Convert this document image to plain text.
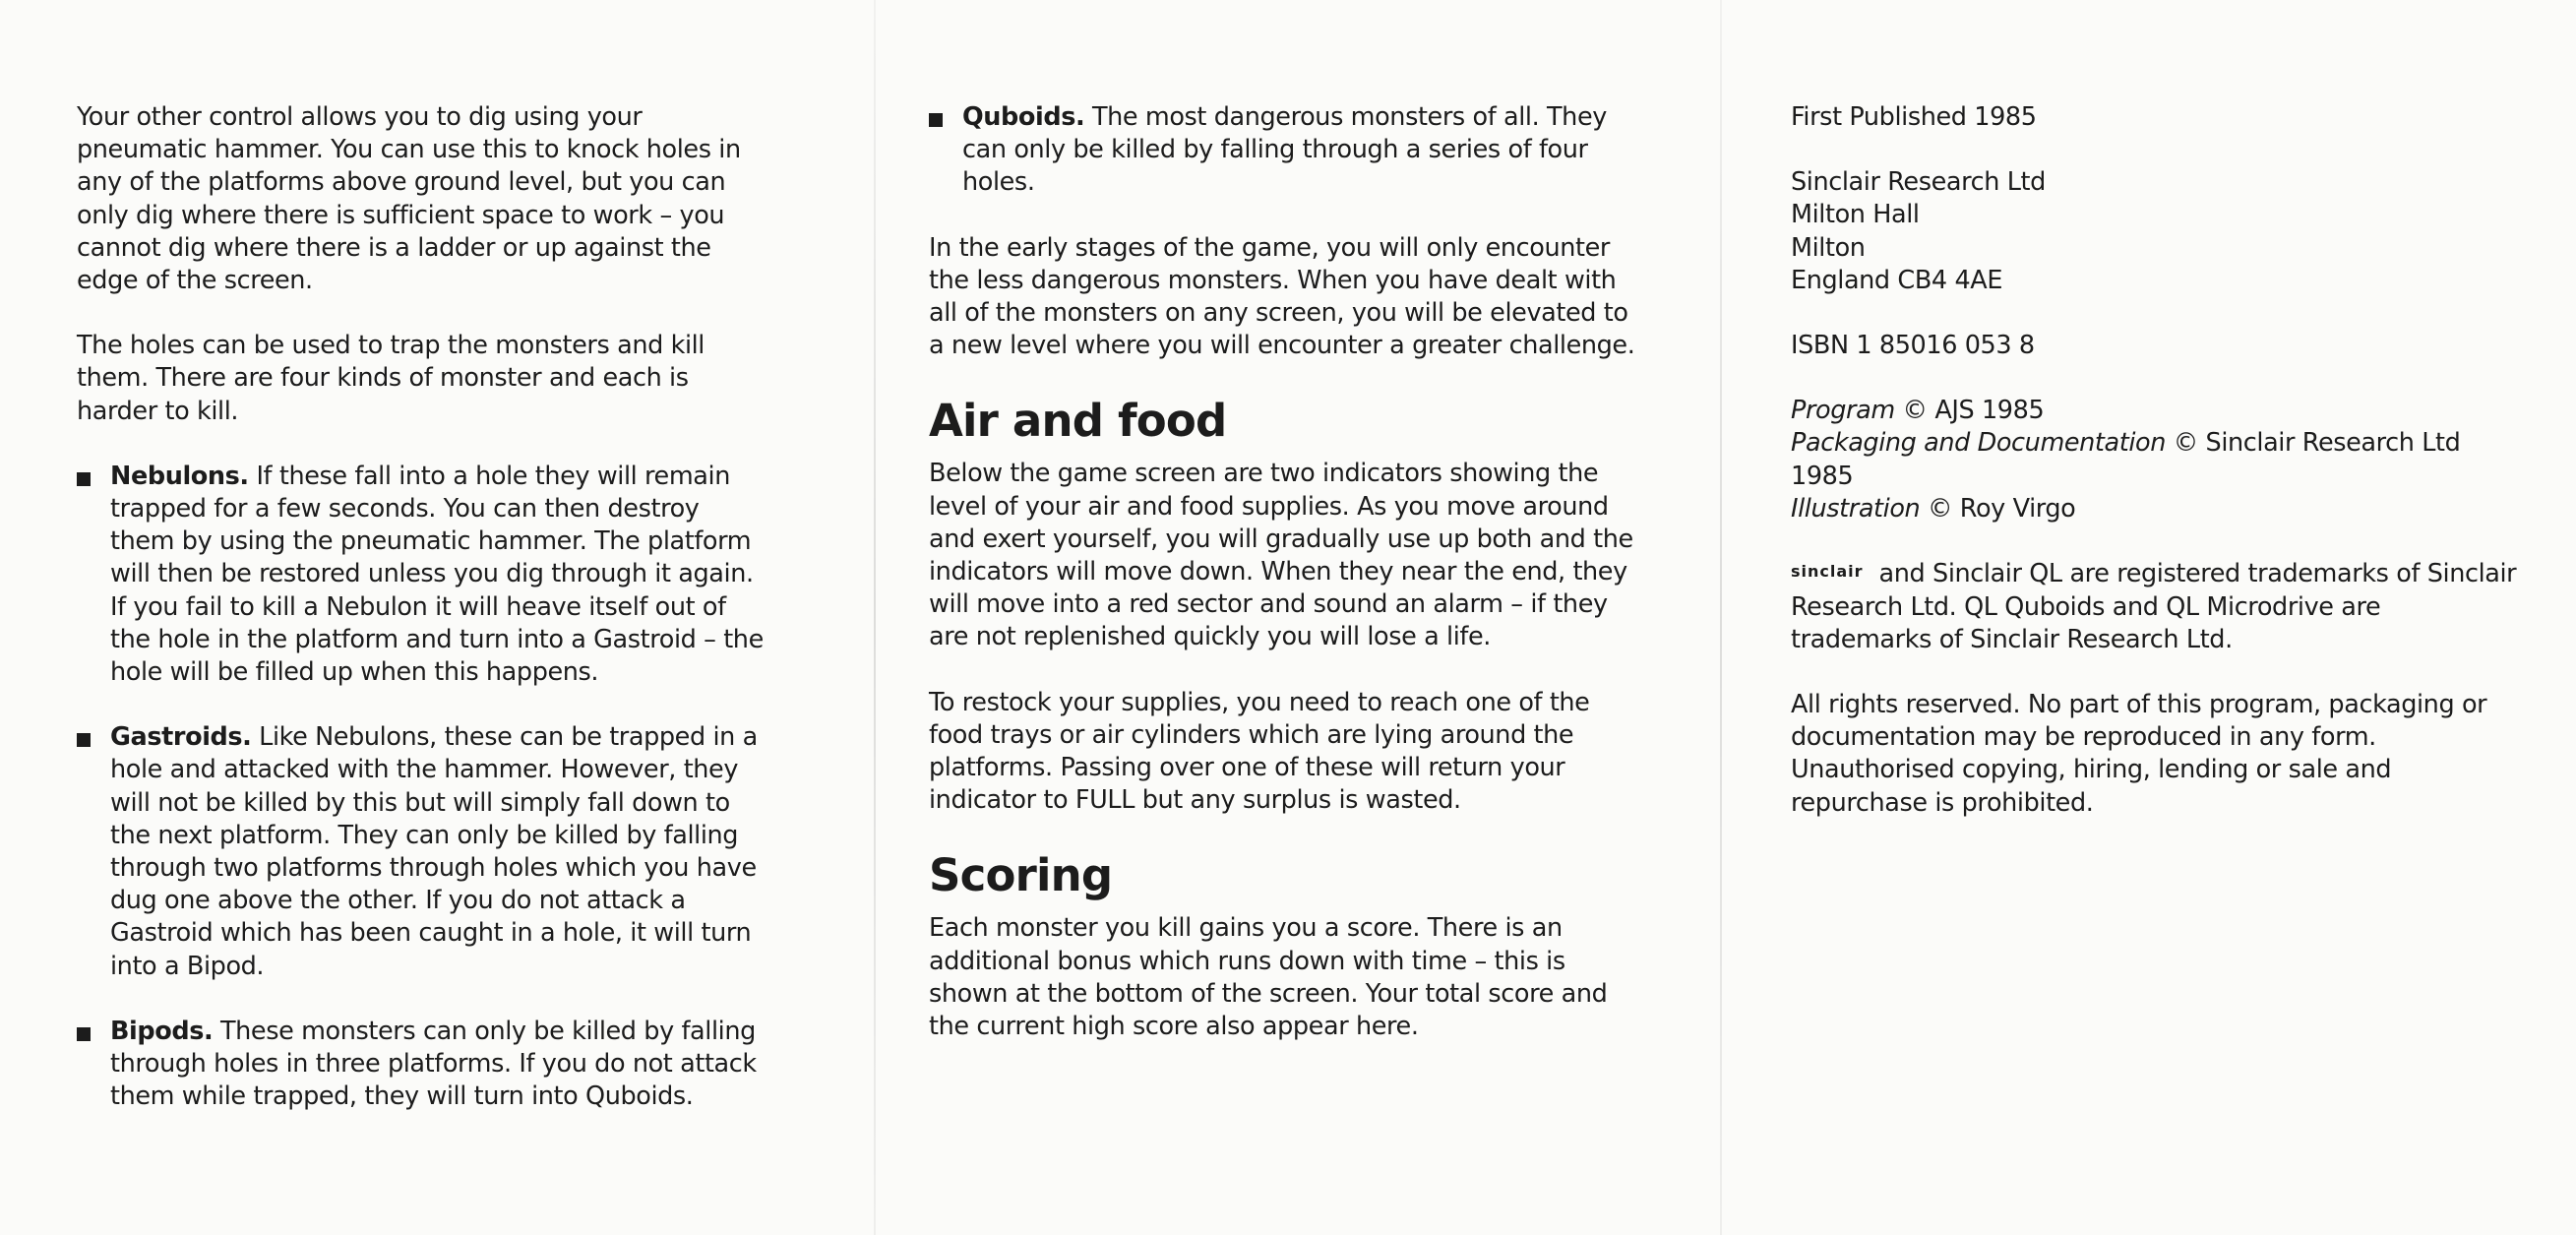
Your other control allows you to dig using your pneumatic hammer. You can use this to knock holes in any of the platforms above ground level, but you can only dig where there is sufficient space to work – you cannot dig where there is a ladder or up against the edge of the screen.

The holes can be used to trap the monsters and kill them. There are four kinds of monster and each is harder to kill.

Nebulons. If these fall into a hole they will remain trapped for a few seconds. You can then destroy them by using the pneumatic hammer. The platform will then be restored unless you dig through it again. If you fail to kill a Nebulon it will heave itself out of the hole in the platform and turn into a Gastroid – the hole will be filled up when this happens.
Gastroids. Like Nebulons, these can be trapped in a hole and attacked with the hammer. However, they will not be killed by this but will simply fall down to the next platform. They can only be killed by falling through two platforms through holes which you have dug one above the other. If you do not attack a Gastroid which has been caught in a hole, it will turn into a Bipod.
Bipods. These monsters can only be killed by falling through holes in three platforms. If you do not attack them while trapped, they will turn into Quboids.
Quboids. The most dangerous monsters of all. They can only be killed by falling through a series of four holes.

In the early stages of the game, you will only encounter the less dangerous monsters. When you have dealt with all of the monsters on any screen, you will be elevated to a new level where you will encounter a greater challenge.

Air and food

Below the game screen are two indicators showing the level of your air and food supplies. As you move around and exert yourself, you will gradually use up both and the indicators will move down. When they near the end, they will move into a red sector and sound an alarm – if they are not replenished quickly you will lose a life.

To restock your supplies, you need to reach one of the food trays or air cylinders which are lying around the platforms. Passing over one of these will return your indicator to FULL but any surplus is wasted.

Scoring

Each monster you kill gains you a score. There is an additional bonus which runs down with time – this is shown at the bottom of the screen. Your total score and the current high score also appear here.

First Published 1985

Sinclair Research Ltd
Milton Hall
Milton
England CB4 4AE

ISBN 1 85016 053 8

Program © AJS 1985
Packaging and Documentation © Sinclair Research Ltd 1985
Illustration © Roy Virgo

sinclair and Sinclair QL are registered trademarks of Sinclair Research Ltd. QL Quboids and QL Microdrive are trademarks of Sinclair Research Ltd.

All rights reserved. No part of this program, packaging or documentation may be reproduced in any form. Unauthorised copying, hiring, lending or sale and repurchase is prohibited.
